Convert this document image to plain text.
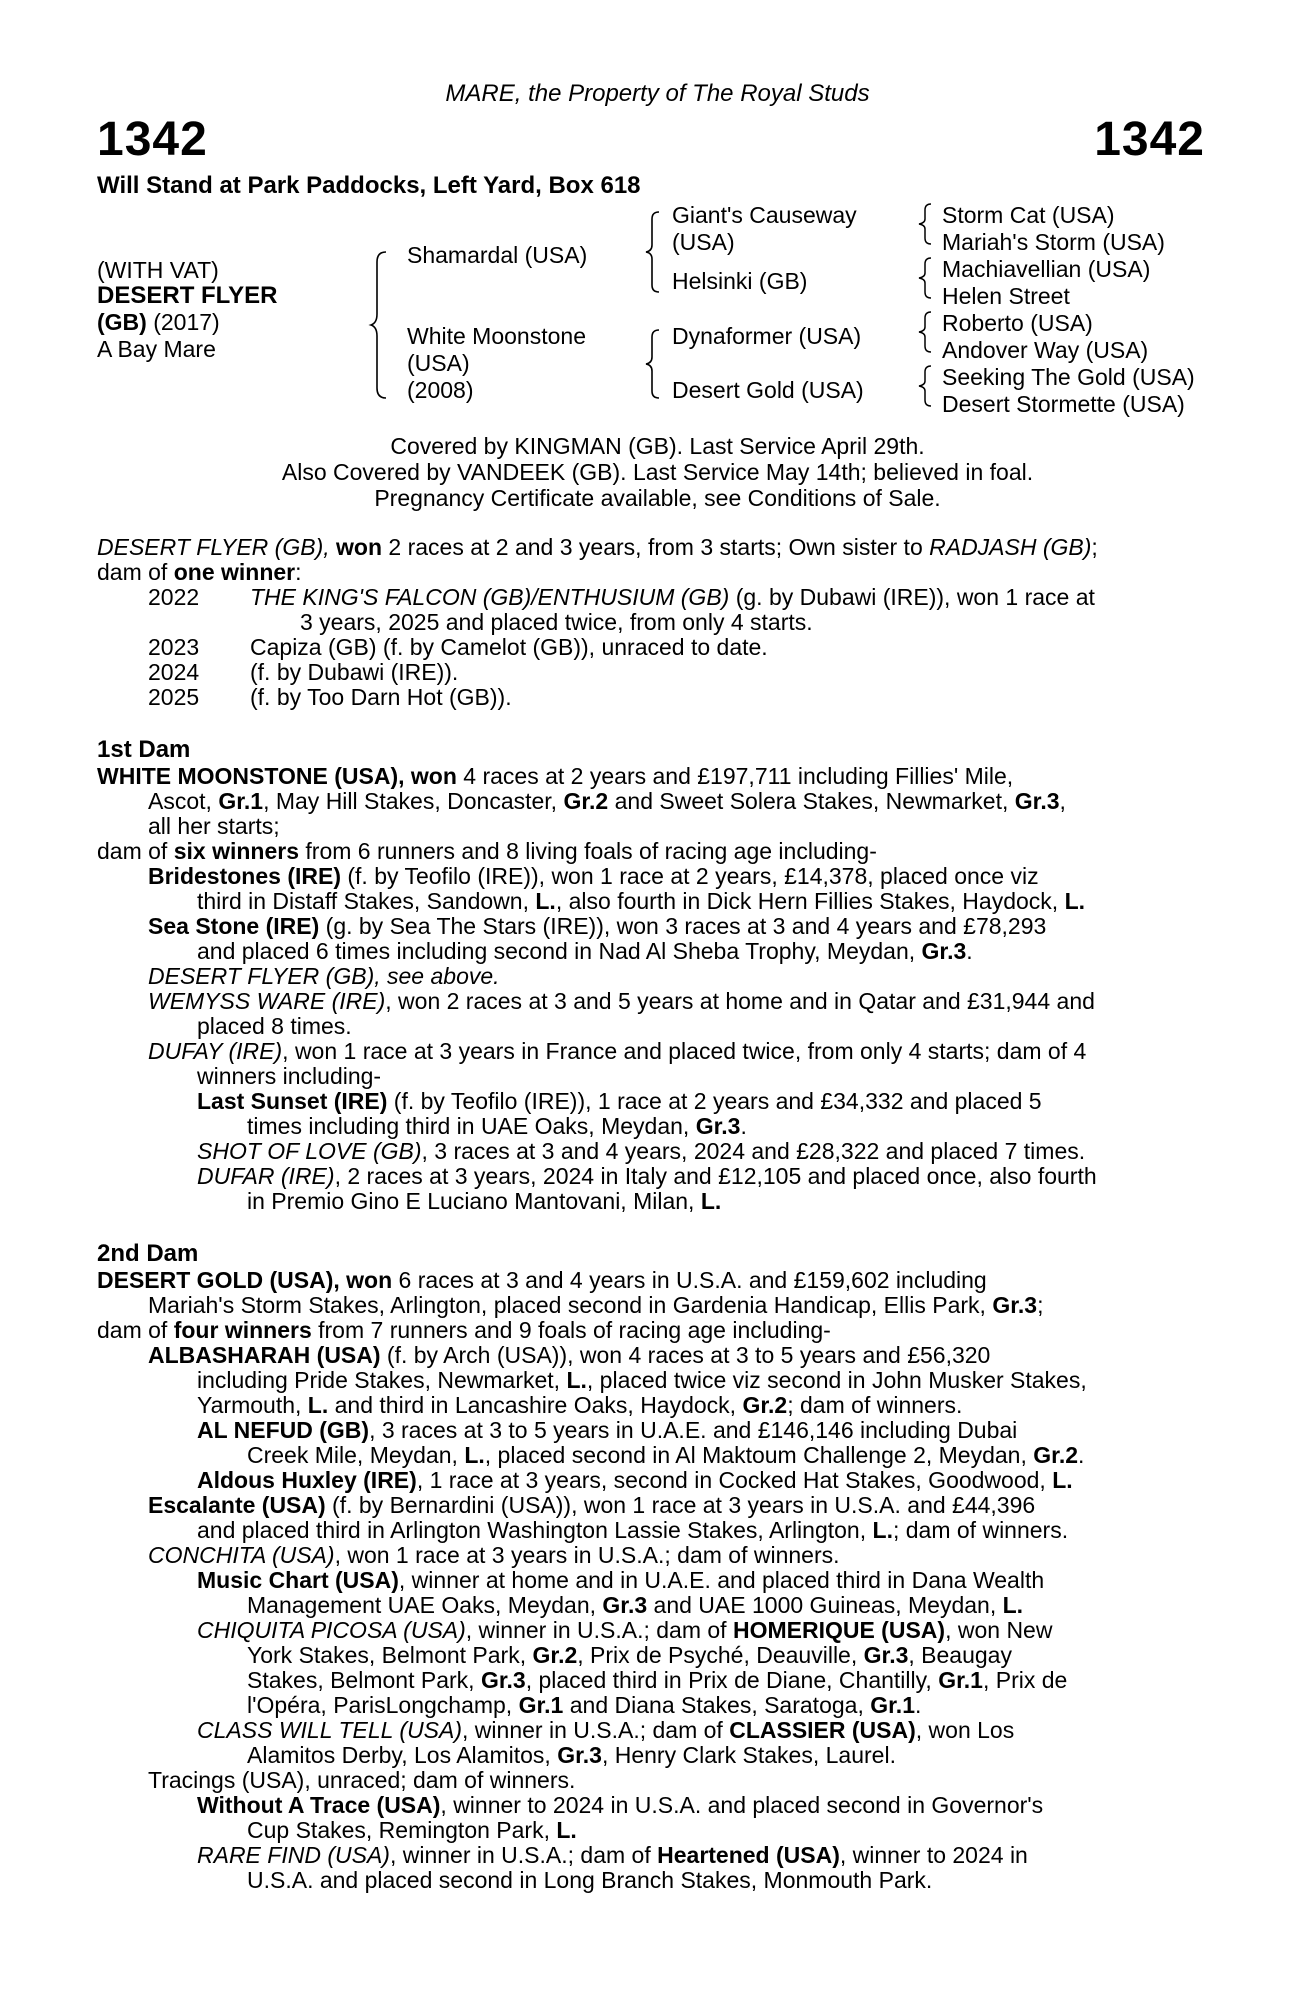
MARE, the Property of The Royal Studs
1342	1342
Will Stand at Park Paddocks, Left Yard, Box 618
(WITH VAT)
DESERT FLYER
(GB) (2017)
A Bay Mare
Shamardal (USA)
White Moonstone
(USA)
(2008)
Giant's Causeway
(USA)
Helsinki (GB)
Dynaformer (USA)
Desert Gold (USA)
Storm Cat (USA)
Mariah's Storm (USA)
Machiavellian (USA)
Helen Street
Roberto (USA)
Andover Way (USA)
Seeking The Gold (USA)
Desert Stormette (USA)
Covered by KINGMAN (GB). Last Service April 29th.
Also Covered by VANDEEK (GB). Last Service May 14th; believed in foal.
Pregnancy Certificate available, see Conditions of Sale.
DESERT FLYER (GB), won 2 races at 2 and 3 years, from 3 starts; Own sister to RADJASH (GB);
dam of one winner:
2022 THE KING'S FALCON (GB)/ENTHUSIUM (GB) (g. by Dubawi (IRE)), won 1 race at
3 years, 2025 and placed twice, from only 4 starts.
2023 Capiza (GB) (f. by Camelot (GB)), unraced to date.
2024 (f. by Dubawi (IRE)).
2025 (f. by Too Darn Hot (GB)).
1st Dam
WHITE MOONSTONE (USA), won 4 races at 2 years and £197,711 including Fillies' Mile,
Ascot, Gr.1, May Hill Stakes, Doncaster, Gr.2 and Sweet Solera Stakes, Newmarket, Gr.3,
all her starts;
dam of six winners from 6 runners and 8 living foals of racing age including-
Bridestones (IRE) (f. by Teofilo (IRE)), won 1 race at 2 years, £14,378, placed once viz
third in Distaff Stakes, Sandown, L., also fourth in Dick Hern Fillies Stakes, Haydock, L.
Sea Stone (IRE) (g. by Sea The Stars (IRE)), won 3 races at 3 and 4 years and £78,293
and placed 6 times including second in Nad Al Sheba Trophy, Meydan, Gr.3.
DESERT FLYER (GB), see above.
WEMYSS WARE (IRE), won 2 races at 3 and 5 years at home and in Qatar and £31,944 and
placed 8 times.
DUFAY (IRE), won 1 race at 3 years in France and placed twice, from only 4 starts; dam of 4
winners including-
Last Sunset (IRE) (f. by Teofilo (IRE)), 1 race at 2 years and £34,332 and placed 5
times including third in UAE Oaks, Meydan, Gr.3.
SHOT OF LOVE (GB), 3 races at 3 and 4 years, 2024 and £28,322 and placed 7 times.
DUFAR (IRE), 2 races at 3 years, 2024 in Italy and £12,105 and placed once, also fourth
in Premio Gino E Luciano Mantovani, Milan, L.
2nd Dam
DESERT GOLD (USA), won 6 races at 3 and 4 years in U.S.A. and £159,602 including
Mariah's Storm Stakes, Arlington, placed second in Gardenia Handicap, Ellis Park, Gr.3;
dam of four winners from 7 runners and 9 foals of racing age including-
ALBASHARAH (USA) (f. by Arch (USA)), won 4 races at 3 to 5 years and £56,320
including Pride Stakes, Newmarket, L., placed twice viz second in John Musker Stakes,
Yarmouth, L. and third in Lancashire Oaks, Haydock, Gr.2; dam of winners.
AL NEFUD (GB), 3 races at 3 to 5 years in U.A.E. and £146,146 including Dubai
Creek Mile, Meydan, L., placed second in Al Maktoum Challenge 2, Meydan, Gr.2.
Aldous Huxley (IRE), 1 race at 3 years, second in Cocked Hat Stakes, Goodwood, L.
Escalante (USA) (f. by Bernardini (USA)), won 1 race at 3 years in U.S.A. and £44,396
and placed third in Arlington Washington Lassie Stakes, Arlington, L.; dam of winners.
CONCHITA (USA), won 1 race at 3 years in U.S.A.; dam of winners.
Music Chart (USA), winner at home and in U.A.E. and placed third in Dana Wealth
Management UAE Oaks, Meydan, Gr.3 and UAE 1000 Guineas, Meydan, L.
CHIQUITA PICOSA (USA), winner in U.S.A.; dam of HOMERIQUE (USA), won New
York Stakes, Belmont Park, Gr.2, Prix de Psyché, Deauville, Gr.3, Beaugay
Stakes, Belmont Park, Gr.3, placed third in Prix de Diane, Chantilly, Gr.1, Prix de
l'Opéra, ParisLongchamp, Gr.1 and Diana Stakes, Saratoga, Gr.1.
CLASS WILL TELL (USA), winner in U.S.A.; dam of CLASSIER (USA), won Los
Alamitos Derby, Los Alamitos, Gr.3, Henry Clark Stakes, Laurel.
Tracings (USA), unraced; dam of winners.
Without A Trace (USA), winner to 2024 in U.S.A. and placed second in Governor's
Cup Stakes, Remington Park, L.
RARE FIND (USA), winner in U.S.A.; dam of Heartened (USA), winner to 2024 in
U.S.A. and placed second in Long Branch Stakes, Monmouth Park.
